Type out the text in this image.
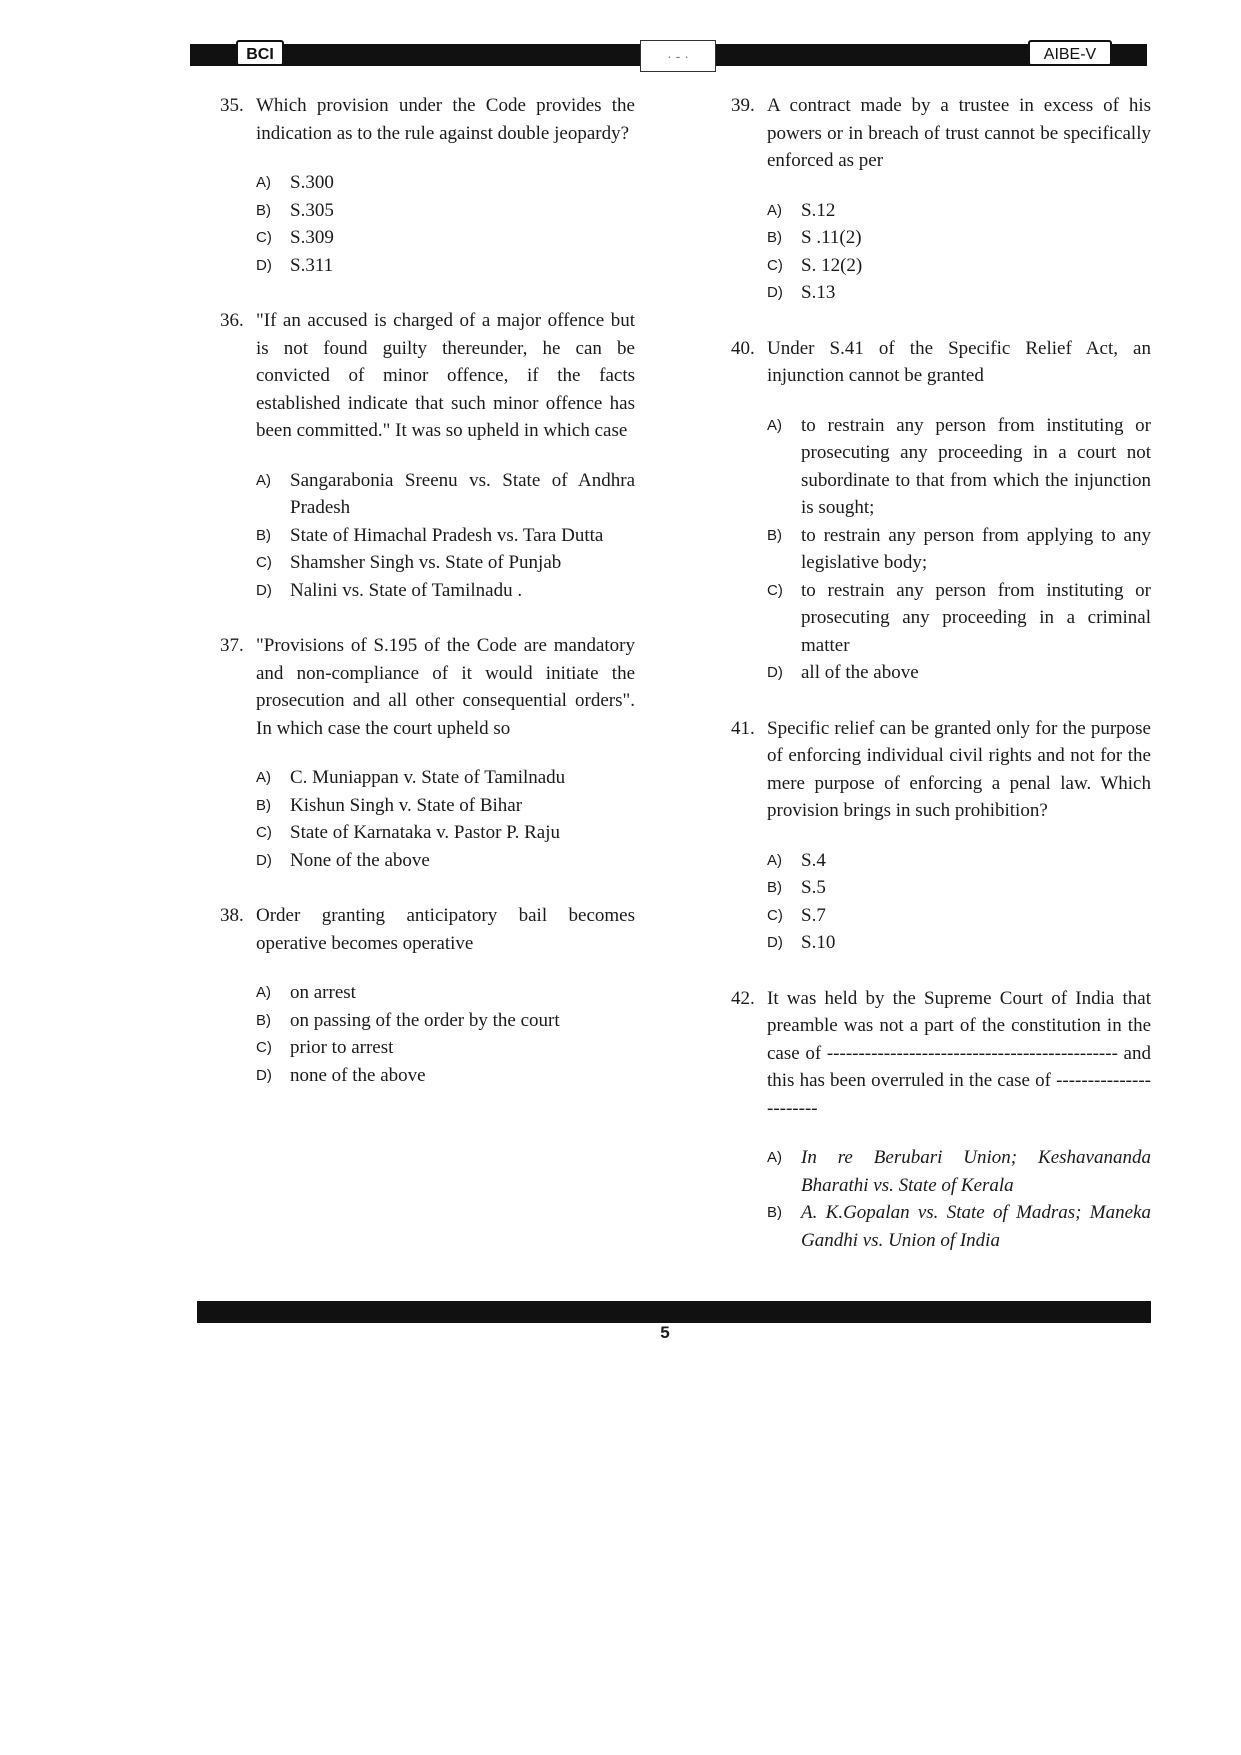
BCI	· - ·	AIBE-V

35. Which provision under the Code provides the indication as to the rule against double jeopardy?

A) S.300
B) S.305
C) S.309
D) S.311

36. "If an accused is charged of a major offence but is not found guilty thereunder, he can be convicted of minor offence, if the facts established indicate that such minor offence has been committed." It was so upheld in which case

A) Sangarabonia Sreenu vs. State of Andhra Pradesh
B) State of Himachal Pradesh vs. Tara Dutta
C) Shamsher Singh vs. State of Punjab
D) Nalini vs. State of Tamilnadu .

37. "Provisions of S.195 of the Code are mandatory and non-compliance of it would initiate the prosecution and all other consequential orders". In which case the court upheld so

A) C. Muniappan v. State of Tamilnadu
B) Kishun Singh v. State of Bihar
C) State of Karnataka v. Pastor P. Raju
D) None of the above

38. Order granting anticipatory bail becomes operative becomes operative

A) on arrest
B) on passing of the order by the court
C) prior to arrest
D) none of the above

39. A contract made by a trustee in excess of his powers or in breach of trust cannot be specifically enforced as per

A) S.12
B) S .11(2)
C) S. 12(2)
D) S.13

40. Under S.41 of the Specific Relief Act, an injunction cannot be granted

A) to restrain any person from instituting or prosecuting any proceeding in a court not subordinate to that from which the injunction is sought;
B) to restrain any person from applying to any legislative body;
C) to restrain any person from instituting or prosecuting any proceeding in a criminal matter
D) all of the above

41. Specific relief can be granted only for the purpose of enforcing individual civil rights and not for the mere purpose of enforcing a penal law. Which provision brings in such prohibition?

A) S.4
B) S.5
C) S.7
D) S.10

42. It was held by the Supreme Court of India that preamble was not a part of the constitution in the case of ---------------------------------------------- and this has been overruled in the case of -----------------------

A) In re Berubari Union; Keshavananda Bharathi vs. State of Kerala
B) A. K.Gopalan vs. State of Madras; Maneka Gandhi vs. Union of India
5
